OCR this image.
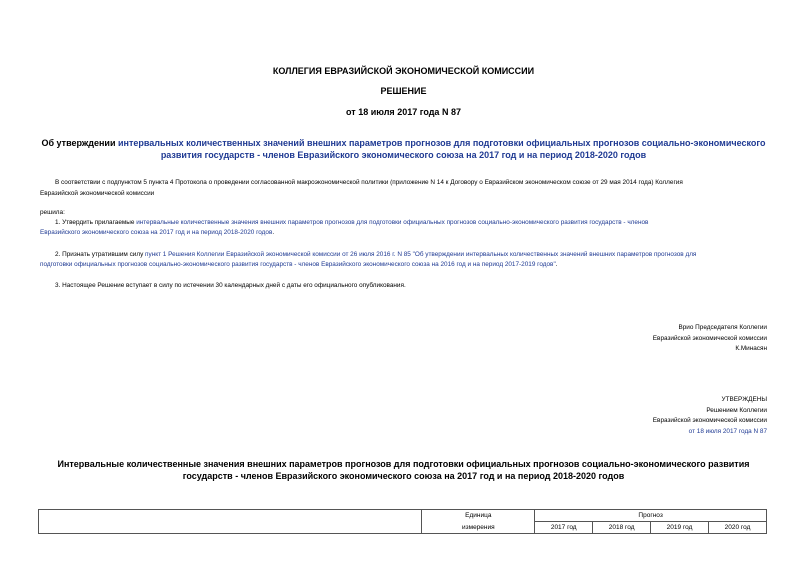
КОЛЛЕГИЯ ЕВРАЗИЙСКОЙ ЭКОНОМИЧЕСКОЙ КОМИССИИ
РЕШЕНИЕ
от 18 июля 2017 года N 87
Об утверждении интервальных количественных значений внешних параметров прогнозов для подготовки официальных прогнозов социально-экономического
развития государств - членов Евразийского экономического союза на 2017 год и на период 2018-2020 годов
В соответствии с подпунктом 5 пункта 4 Протокола о проведении согласованной макроэкономической политики (приложение N 14 к Договору о Евразийском экономическом союзе от 29 мая 2014 года) Коллегия
Евразийской экономической комиссии
решила:
1. Утвердить прилагаемые интервальные количественные значения внешних параметров прогнозов для подготовки официальных прогнозов социально-экономического развития государств - членов
Евразийского экономического союза на 2017 год и на период 2018-2020 годов.
2. Признать утратившим силу пункт 1 Решения Коллегии Евразийской экономической комиссии от 26 июля 2016 г. N 85 "Об утверждении интервальных количественных значений внешних параметров прогнозов для
подготовки официальных прогнозов социально-экономического развития государств - членов Евразийского экономического союза на 2016 год и на период 2017-2019 годов".
3. Настоящее Решение вступает в силу по истечении 30 календарных дней с даты его официального опубликования.
Врио Председателя Коллегии
Евразийской экономической комиссии
К.Минасян
УТВЕРЖДЕНЫ
Решением Коллегии
Евразийской экономической комиссии
от 18 июля 2017 года N 87
Интервальные количественные значения внешних параметров прогнозов для подготовки официальных прогнозов социально-экономического развития
государств - членов Евразийского экономического союза на 2017 год и на период 2018-2020 годов
	Единица	Прогноз			
	измерения	2017 год	2018 год	2019 год	2020 год
